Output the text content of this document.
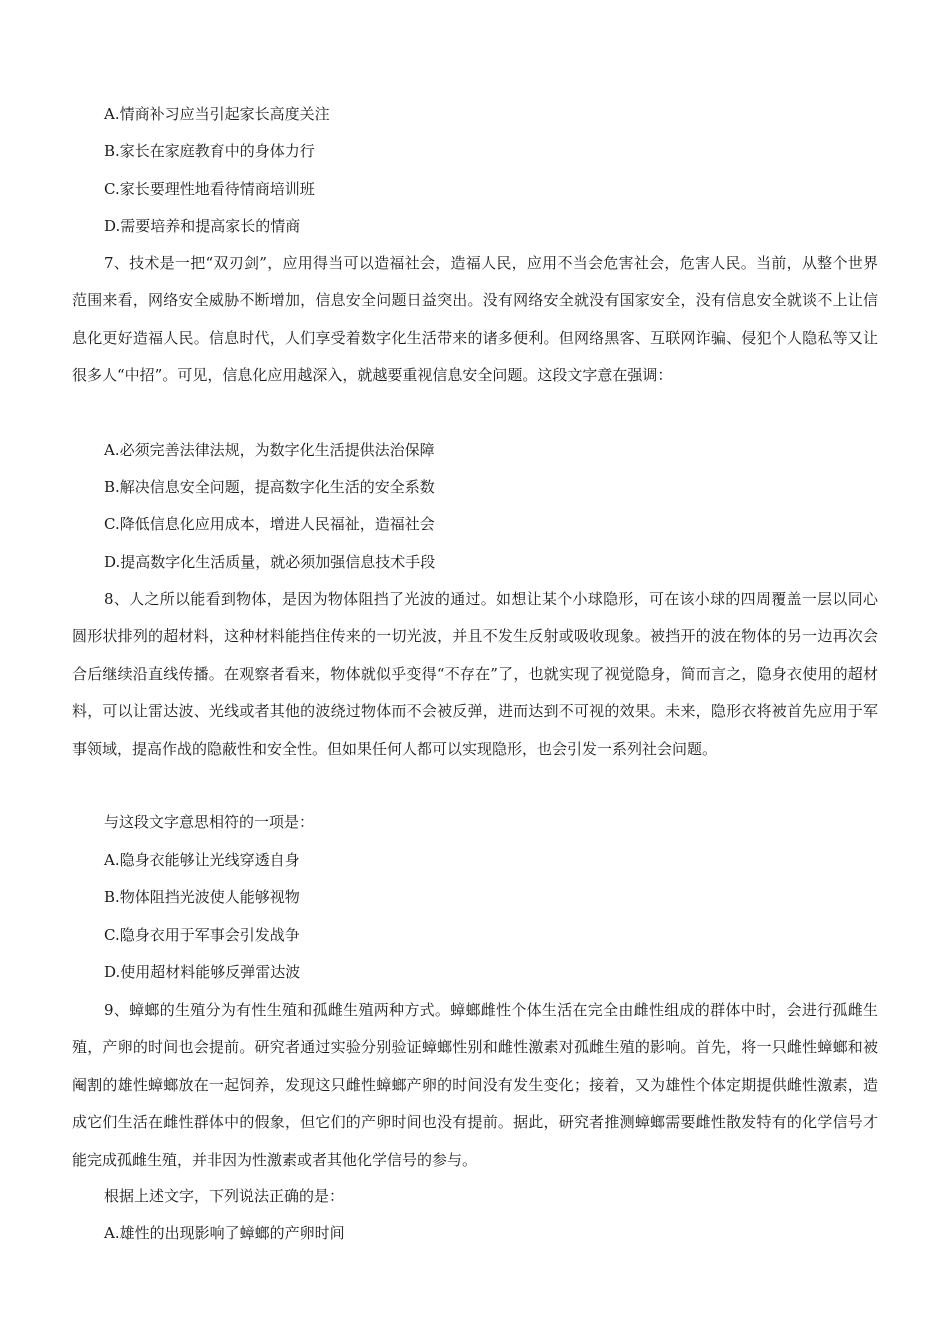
A.情商补习应当引起家长高度关注
B.家长在家庭教育中的身体力行
C.家长要理性地看待情商培训班
D.需要培养和提高家长的情商

7、技术是一把“双刃剑”，应用得当可以造福社会，造福人民，应用不当会危害社会，危害人民。当前，从整个世界范围来看，网络安全威胁不断增加，信息安全问题日益突出。没有网络安全就没有国家安全，没有信息安全就谈不上让信息化更好造福人民。信息时代，人们享受着数字化生活带来的诸多便利。但网络黑客、互联网诈骗、侵犯个人隐私等又让很多人“中招”。可见，信息化应用越深入，就越要重视信息安全问题。这段文字意在强调：

A.必须完善法律法规，为数字化生活提供法治保障
B.解决信息安全问题，提高数字化生活的安全系数
C.降低信息化应用成本，增进人民福祉，造福社会
D.提高数字化生活质量，就必须加强信息技术手段

8、人之所以能看到物体，是因为物体阻挡了光波的通过。如想让某个小球隐形，可在该小球的四周覆盖一层以同心圆形状排列的超材料，这种材料能挡住传来的一切光波，并且不发生反射或吸收现象。被挡开的波在物体的另一边再次会合后继续沿直线传播。在观察者看来，物体就似乎变得“不存在”了，也就实现了视觉隐身，简而言之，隐身衣使用的超材料，可以让雷达波、光线或者其他的波绕过物体而不会被反弹，进而达到不可视的效果。未来，隐形衣将被首先应用于军事领域，提高作战的隐蔽性和安全性。但如果任何人都可以实现隐形，也会引发一系列社会问题。

与这段文字意思相符的一项是：
A.隐身衣能够让光线穿透自身
B.物体阻挡光波使人能够视物
C.隐身衣用于军事会引发战争
D.使用超材料能够反弹雷达波

9、蟑螂的生殖分为有性生殖和孤雌生殖两种方式。蟑螂雌性个体生活在完全由雌性组成的群体中时，会进行孤雌生殖，产卵的时间也会提前。研究者通过实验分别验证蟑螂性别和雌性激素对孤雌生殖的影响。首先，将一只雌性蟑螂和被阉割的雄性蟑螂放在一起饲养，发现这只雌性蟑螂产卵的时间没有发生变化；接着，又为雄性个体定期提供雌性激素，造成它们生活在雌性群体中的假象，但它们的产卵时间也没有提前。据此，研究者推测蟑螂需要雌性散发特有的化学信号才能完成孤雌生殖，并非因为性激素或者其他化学信号的参与。

根据上述文字，下列说法正确的是：
A.雄性的出现影响了蟑螂的产卵时间
